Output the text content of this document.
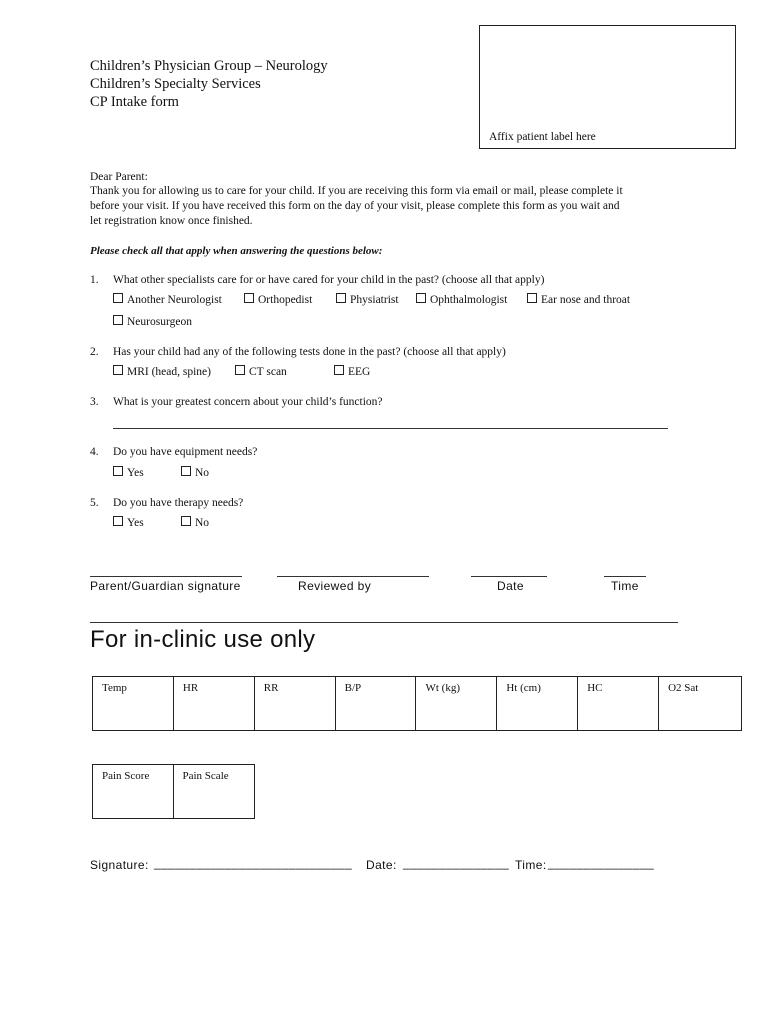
Children’s Physician Group – Neurology
Children’s Specialty Services
CP Intake form
Affix patient label here
Dear Parent:
Thank you for allowing us to care for your child. If you are receiving this form via email or mail, please complete it
before your visit. If you have received this form on the day of your visit, please complete this form as you wait and
let registration know once finished.
Please check all that apply when answering the questions below:
1. What other specialists care for or have cared for your child in the past? (choose all that apply)
Another Neurologist	Orthopedist	Physiatrist	Ophthalmologist	Ear nose and throat
Neurosurgeon
2. Has your child had any of the following tests done in the past? (choose all that apply)
MRI (head, spine)	CT scan	EEG
3. What is your greatest concern about your child’s function?
4. Do you have equipment needs?
Yes	No
5. Do you have therapy needs?
Yes	No
Parent/Guardian signature	Reviewed by	Date	Time
For in-clinic use only
Temp	HR	RR	B/P	Wt (kg)	Ht (cm)	HC	O2 Sat
Pain Score	Pain Scale
Signature: ____________________________ Date: _______________ Time: _______________
